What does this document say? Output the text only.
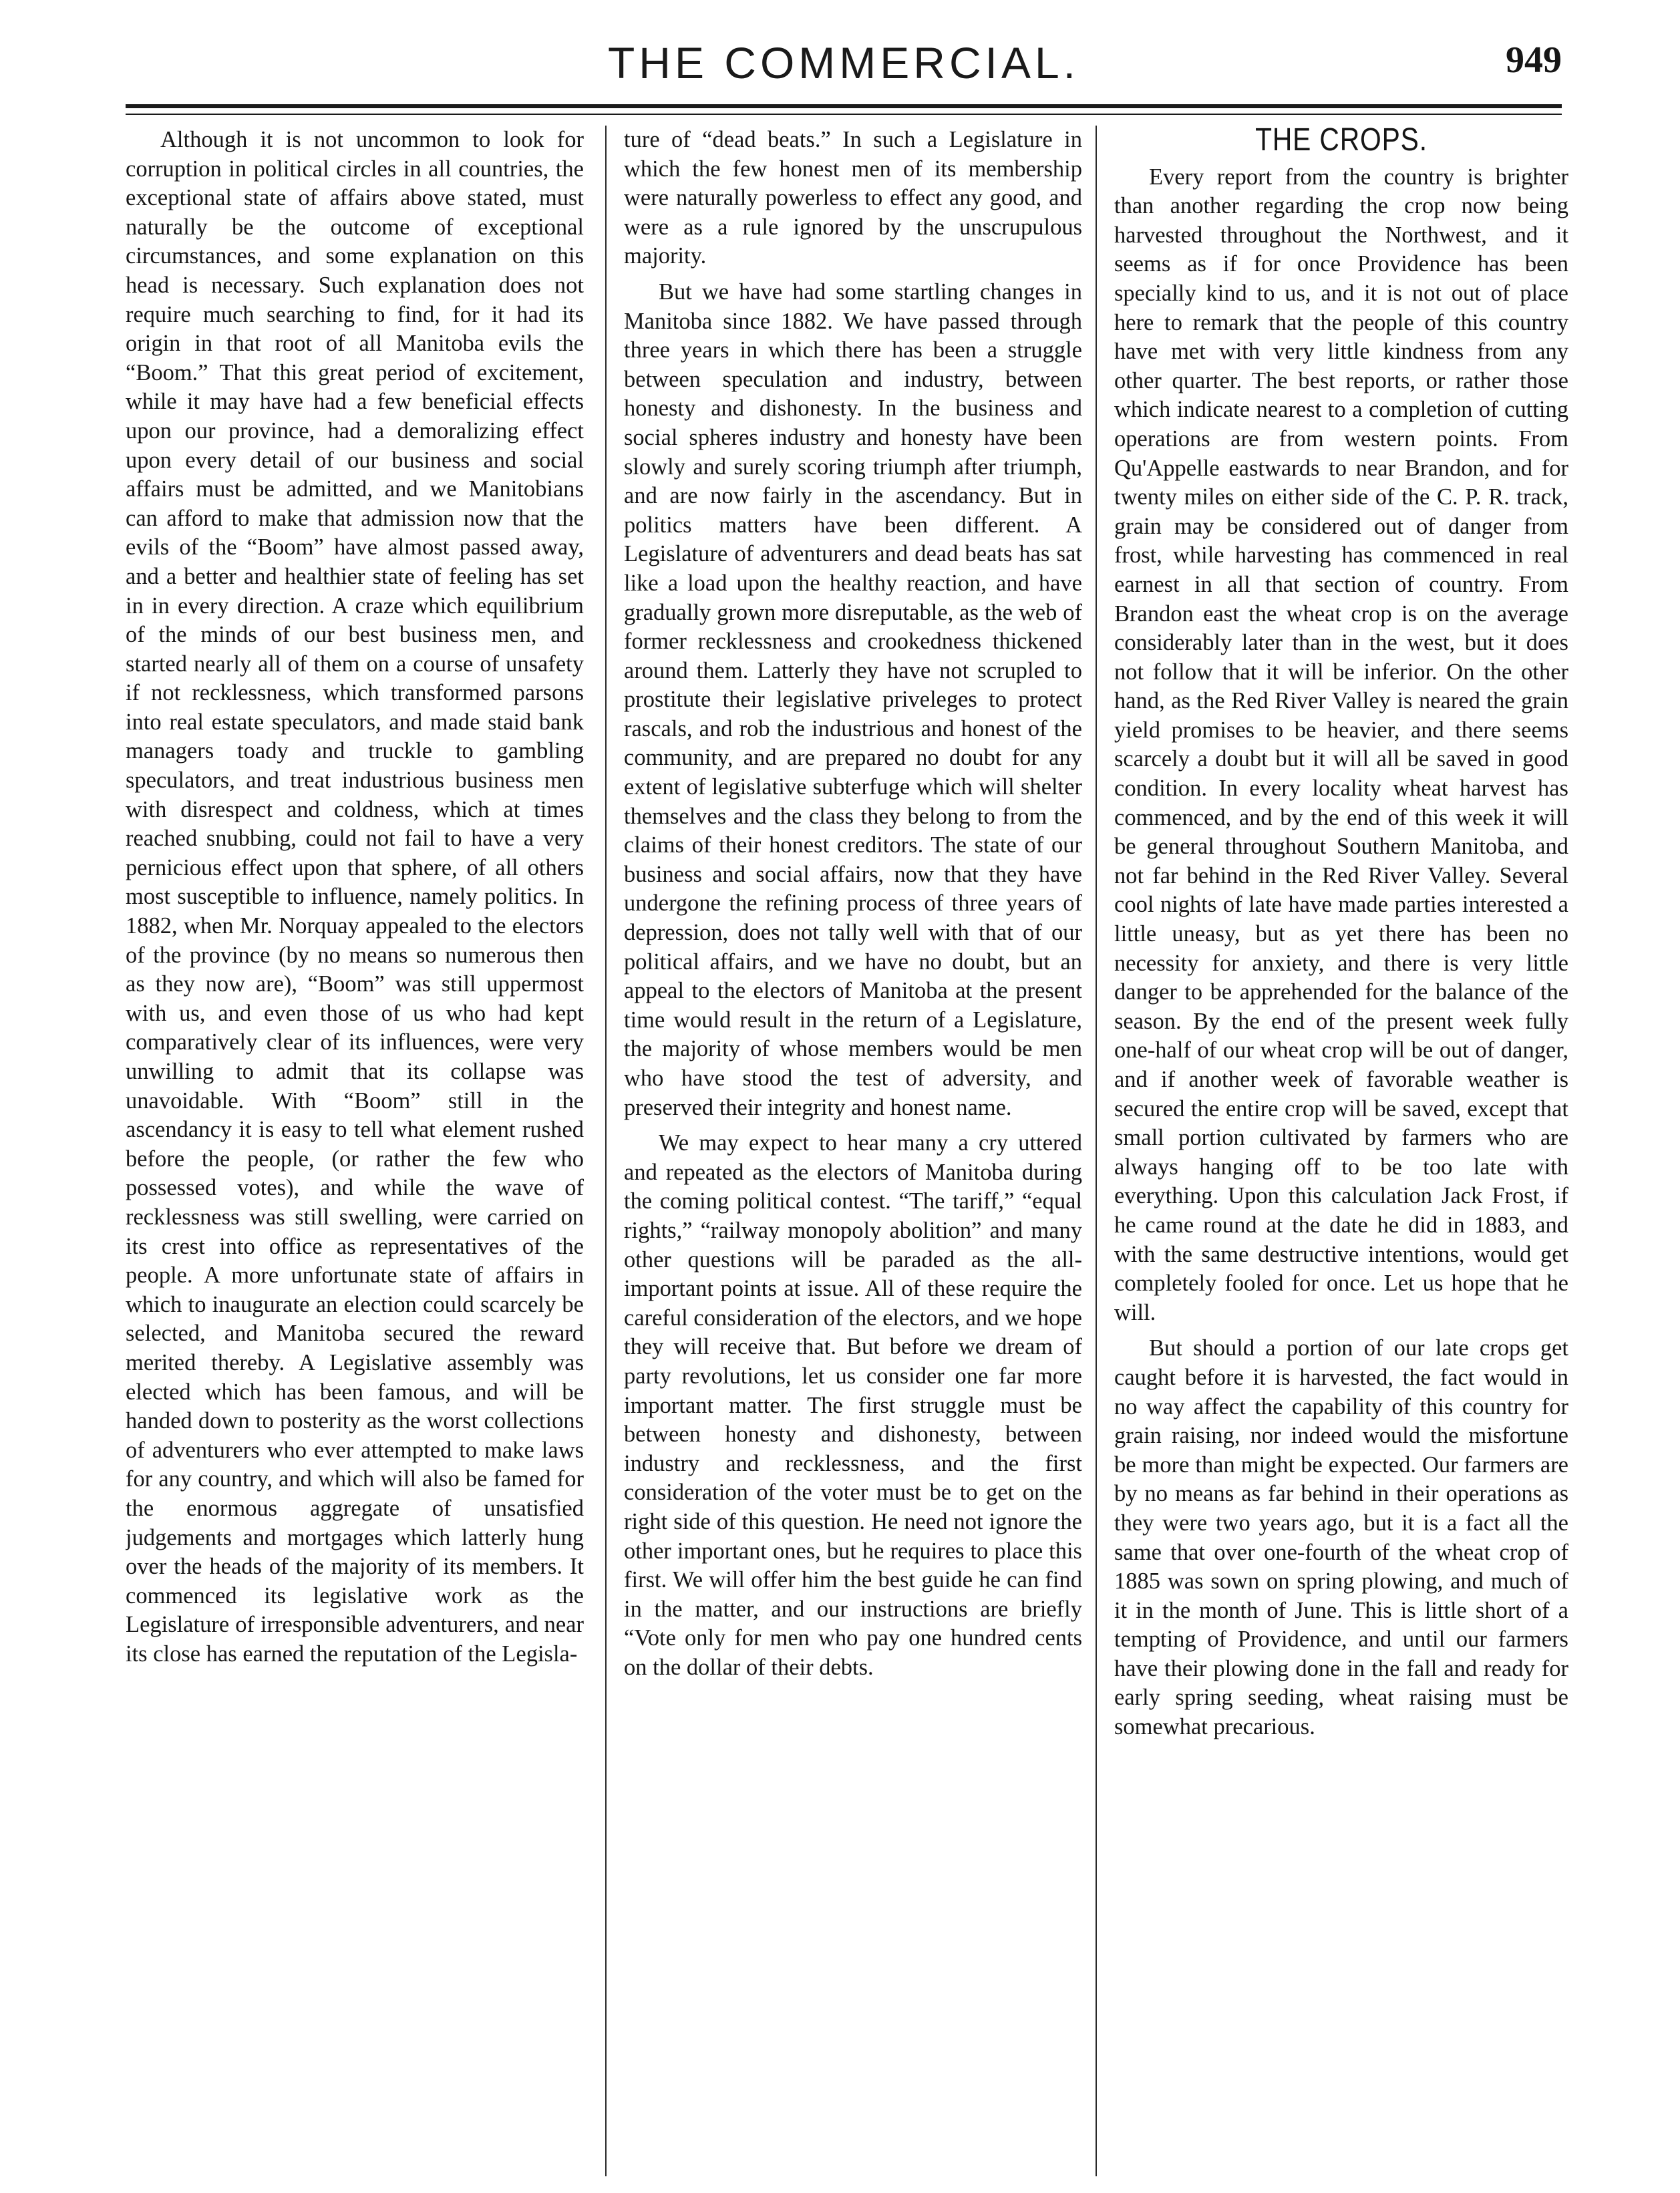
THE COMMERCIAL.	949

Although it is not uncommon to look for corruption in political circles in all countries, the exceptional state of affairs above stated, must naturally be the outcome of exceptional circumstances, and some explanation on this head is necessary. Such explanation does not require much searching to find, for it had its origin in that root of all Manitoba evils the “Boom.” That this great period of excitement, while it may have had a few beneficial effects upon our province, had a demoralizing effect upon every detail of our business and social affairs must be admitted, and we Manitobians can afford to make that admission now that the evils of the “Boom” have almost passed away, and a better and healthier state of feeling has set in in every direction. A craze which equilibrium of the minds of our best business men, and started nearly all of them on a course of unsafety if not recklessness, which transformed parsons into real estate speculators, and made staid bank managers toady and truckle to gambling speculators, and treat industrious business men with disrespect and coldness, which at times reached snubbing, could not fail to have a very pernicious effect upon that sphere, of all others most susceptible to influence, namely politics. In 1882, when Mr. Norquay appealed to the electors of the province (by no means so numerous then as they now are), “Boom” was still uppermost with us, and even those of us who had kept comparatively clear of its influences, were very unwilling to admit that its collapse was unavoidable. With “Boom” still in the ascendancy it is easy to tell what element rushed before the people, (or rather the few who possessed votes), and while the wave of recklessness was still swelling, were carried on its crest into office as representatives of the people. A more unfortunate state of affairs in which to inaugurate an election could scarcely be selected, and Manitoba secured the reward merited thereby. A Legislative assembly was elected which has been famous, and will be handed down to posterity as the worst collections of adventurers who ever attempted to make laws for any country, and which will also be famed for the enormous aggregate of unsatisfied judgements and mortgages which latterly hung over the heads of the majority of its members. It commenced its legislative work as the Legislature of irresponsible adventurers, and near its close has earned the reputation of the Legisla-

ture of “dead beats.” In such a Legislature in which the few honest men of its membership were naturally powerless to effect any good, and were as a rule ignored by the unscrupulous majority.

But we have had some startling changes in Manitoba since 1882. We have passed through three years in which there has been a struggle between speculation and industry, between honesty and dishonesty. In the business and social spheres industry and honesty have been slowly and surely scoring triumph after triumph, and are now fairly in the ascendancy. But in politics matters have been different. A Legislature of adventurers and dead beats has sat like a load upon the healthy reaction, and have gradually grown more disreputable, as the web of former recklessness and crookedness thickened around them. Latterly they have not scrupled to prostitute their legislative priveleges to protect rascals, and rob the industrious and honest of the community, and are prepared no doubt for any extent of legislative subterfuge which will shelter themselves and the class they belong to from the claims of their honest creditors. The state of our business and social affairs, now that they have undergone the refining process of three years of depression, does not tally well with that of our political affairs, and we have no doubt, but an appeal to the electors of Manitoba at the present time would result in the return of a Legislature, the majority of whose members would be men who have stood the test of adversity, and preserved their integrity and honest name.

We may expect to hear many a cry uttered and repeated as the electors of Manitoba during the coming political contest. “The tariff,” “equal rights,” “railway monopoly abolition” and many other questions will be paraded as the all-important points at issue. All of these require the careful consideration of the electors, and we hope they will receive that. But before we dream of party revolutions, let us consider one far more important matter. The first struggle must be between honesty and dishonesty, between industry and recklessness, and the first consideration of the voter must be to get on the right side of this question. He need not ignore the other important ones, but he requires to place this first. We will offer him the best guide he can find in the matter, and our instructions are briefly “Vote only for men who pay one hundred cents on the dollar of their debts.

THE CROPS.

Every report from the country is brighter than another regarding the crop now being harvested throughout the Northwest, and it seems as if for once Providence has been specially kind to us, and it is not out of place here to remark that the people of this country have met with very little kindness from any other quarter. The best reports, or rather those which indicate nearest to a completion of cutting operations are from western points. From Qu'Appelle eastwards to near Brandon, and for twenty miles on either side of the C. P. R. track, grain may be considered out of danger from frost, while harvesting has commenced in real earnest in all that section of country. From Brandon east the wheat crop is on the average considerably later than in the west, but it does not follow that it will be inferior. On the other hand, as the Red River Valley is neared the grain yield promises to be heavier, and there seems scarcely a doubt but it will all be saved in good condition. In every locality wheat harvest has commenced, and by the end of this week it will be general throughout Southern Manitoba, and not far behind in the Red River Valley. Several cool nights of late have made parties interested a little uneasy, but as yet there has been no necessity for anxiety, and there is very little danger to be apprehended for the balance of the season. By the end of the present week fully one-half of our wheat crop will be out of danger, and if another week of favorable weather is secured the entire crop will be saved, except that small portion cultivated by farmers who are always hanging off to be too late with everything. Upon this calculation Jack Frost, if he came round at the date he did in 1883, and with the same destructive intentions, would get completely fooled for once. Let us hope that he will.

But should a portion of our late crops get caught before it is harvested, the fact would in no way affect the capability of this country for grain raising, nor indeed would the misfortune be more than might be expected. Our farmers are by no means as far behind in their operations as they were two years ago, but it is a fact all the same that over one-fourth of the wheat crop of 1885 was sown on spring plowing, and much of it in the month of June. This is little short of a tempting of Providence, and until our farmers have their plowing done in the fall and ready for early spring seeding, wheat raising must be somewhat precarious.
